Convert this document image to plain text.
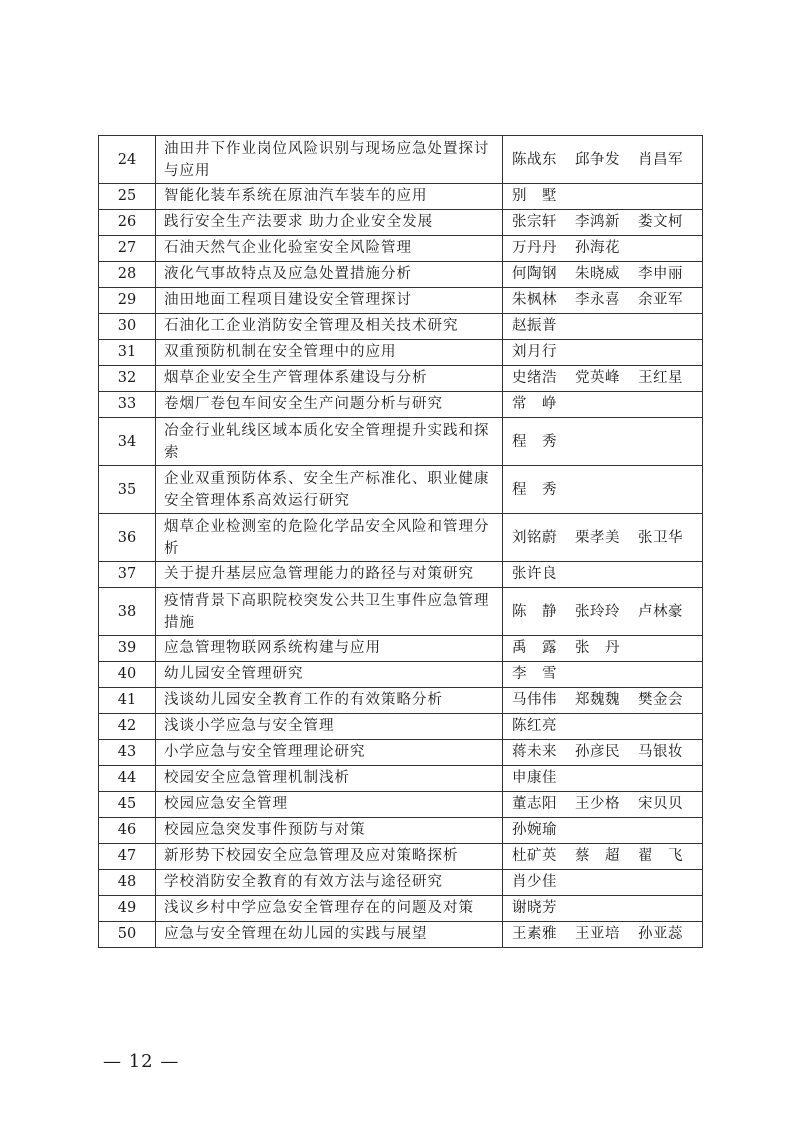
24	油田井下作业岗位风险识别与现场应急处置探讨与应用	陈战东 邱争发 肖昌军
25	智能化装车系统在原油汽车装车的应用	别　墅
26	践行安全生产法要求 助力企业安全发展	张宗轩 李鸿新 娄文柯
27	石油天然气企业化验室安全风险管理	万丹丹 孙海花
28	液化气事故特点及应急处置措施分析	何陶钢 朱晓威 李申丽
29	油田地面工程项目建设安全管理探讨	朱枫林 李永喜 余亚军
30	石油化工企业消防安全管理及相关技术研究	赵振普
31	双重预防机制在安全管理中的应用	刘月行
32	烟草企业安全生产管理体系建设与分析	史绪浩 党英峰 王红星
33	卷烟厂卷包车间安全生产问题分析与研究	常　峥
34	冶金行业轧线区域本质化安全管理提升实践和探索	程　秀
35	企业双重预防体系、安全生产标准化、职业健康安全管理体系高效运行研究	程　秀
36	烟草企业检测室的危险化学品安全风险和管理分析	刘铭蔚 栗孝美 张卫华
37	关于提升基层应急管理能力的路径与对策研究	张许良
38	疫情背景下高职院校突发公共卫生事件应急管理措施	陈　静 张玲玲 卢林豪
39	应急管理物联网系统构建与应用	禹　露 张　丹
40	幼儿园安全管理研究	李　雪
41	浅谈幼儿园安全教育工作的有效策略分析	马伟伟 郑魏魏 樊金会
42	浅谈小学应急与安全管理	陈红亮
43	小学应急与安全管理理论研究	蒋未来 孙彦民 马银妆
44	校园安全应急管理机制浅析	申康佳
45	校园应急安全管理	董志阳 王少格 宋贝贝
46	校园应急突发事件预防与对策	孙婉瑜
47	新形势下校园安全应急管理及应对策略探析	杜矿英 蔡　超 翟　飞
48	学校消防安全教育的有效方法与途径研究	肖少佳
49	浅议乡村中学应急安全管理存在的问题及对策	谢晓芳
50	应急与安全管理在幼儿园的实践与展望	王素雅 王亚培 孙亚蕊
— 12 —
